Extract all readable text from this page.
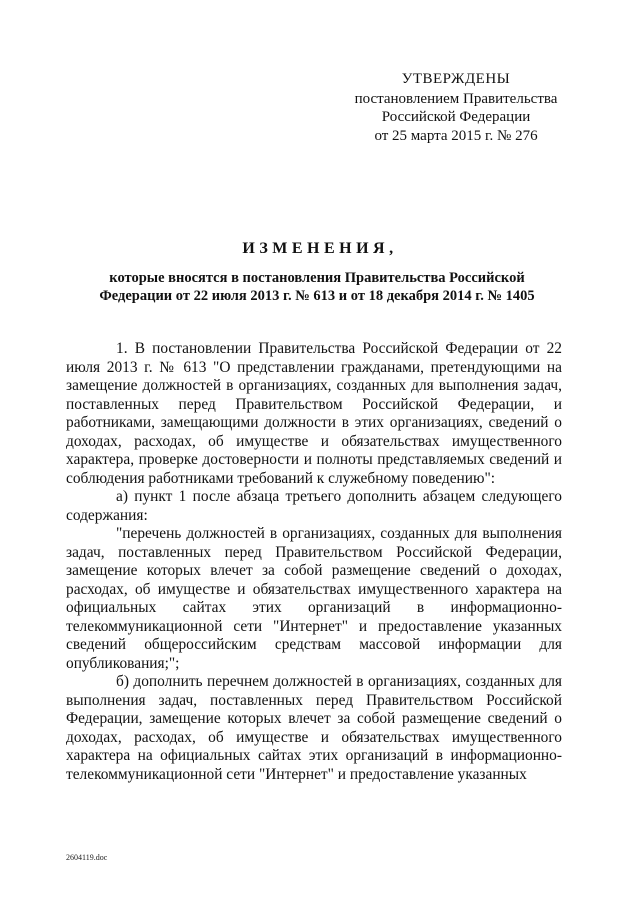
УТВЕРЖДЕНЫ
постановлением Правительства
Российской Федерации
от 25 марта 2015 г. № 276
ИЗМЕНЕНИЯ,
которые вносятся в постановления Правительства Российской Федерации от 22 июля 2013 г. № 613 и от 18 декабря 2014 г. № 1405

1. В постановлении Правительства Российской Федерации от 22 июля 2013 г. № 613 "О представлении гражданами, претендующими на замещение должностей в организациях, созданных для выполнения задач, поставленных перед Правительством Российской Федерации, и работниками, замещающими должности в этих организациях, сведений о доходах, расходах, об имуществе и обязательствах имущественного характера, проверке достоверности и полноты представляемых сведений и соблюдения работниками требований к служебному поведению":

а) пункт 1 после абзаца третьего дополнить абзацем следующего содержания:

"перечень должностей в организациях, созданных для выполнения задач, поставленных перед Правительством Российской Федерации, замещение которых влечет за собой размещение сведений о доходах, расходах, об имуществе и обязательствах имущественного характера на официальных сайтах этих организаций в информационно-телекоммуникационной сети "Интернет" и предоставление указанных сведений общероссийским средствам массовой информации для опубликования;";

б) дополнить перечнем должностей в организациях, созданных для выполнения задач, поставленных перед Правительством Российской Федерации, замещение которых влечет за собой размещение сведений о доходах, расходах, об имуществе и обязательствах имущественного характера на официальных сайтах этих организаций в информационно-телекоммуникационной сети "Интернет" и предоставление указанных

2604119.doc
